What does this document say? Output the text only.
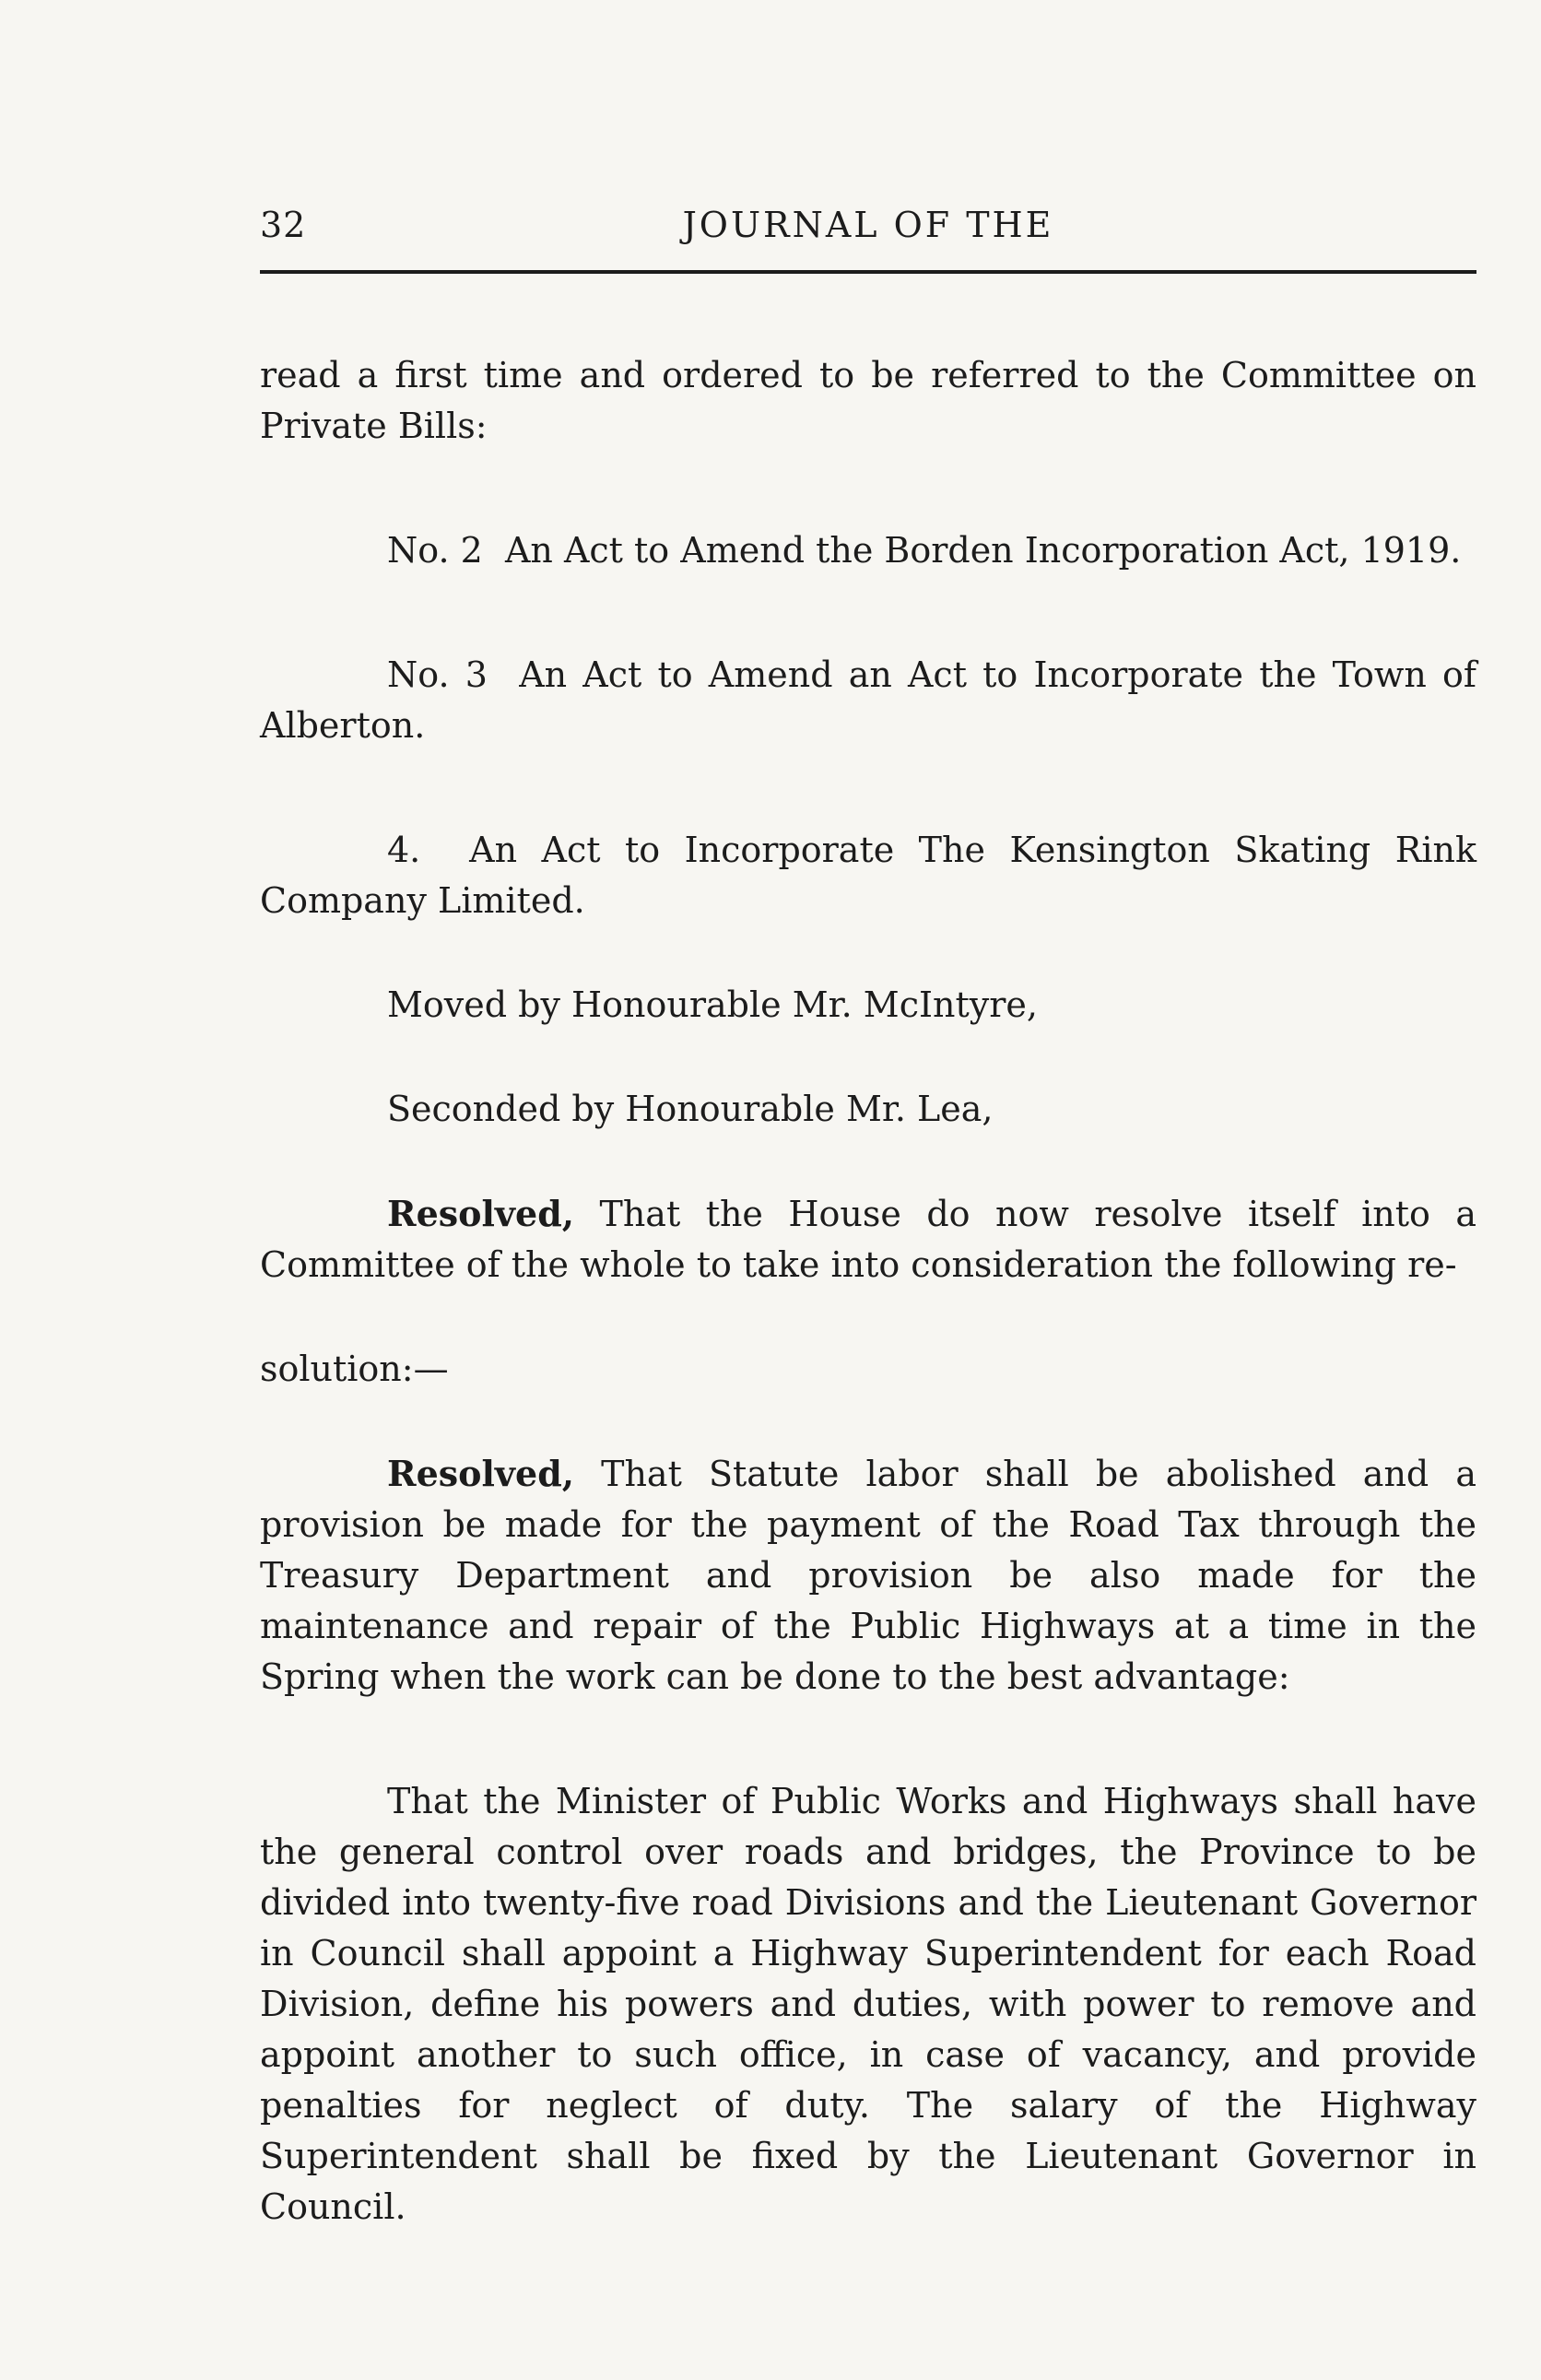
32	JOURNAL OF THE

read a first time and ordered to be referred to the Committee on Private Bills:

No. 2  An Act to Amend the Borden Incorporation Act, 1919.

No. 3  An Act to Amend an Act to Incorporate the Town of Alberton.

4.  An Act to Incorporate The Kensington Skating Rink Company Limited.

Moved by Honourable Mr. McIntyre,

Seconded by Honourable Mr. Lea,

Resolved, That the House do now resolve itself into a Committee of the whole to take into consideration the following re-

solution:—

Resolved, That Statute labor shall be abolished and a provision be made for the payment of the Road Tax through the Treasury Department and provision be also made for the maintenance and repair of the Public Highways at a time in the Spring when the work can be done to the best advantage:

That the Minister of Public Works and Highways shall have the general control over roads and bridges, the Province to be divided into twenty-five road Divisions and the Lieutenant Governor in Council shall appoint a Highway Superintendent for each Road Division, define his powers and duties, with power to remove and appoint another to such office, in case of vacancy, and provide penalties for neglect of duty. The salary of the Highway Superintendent shall be fixed by the Lieutenant Governor in Council.
